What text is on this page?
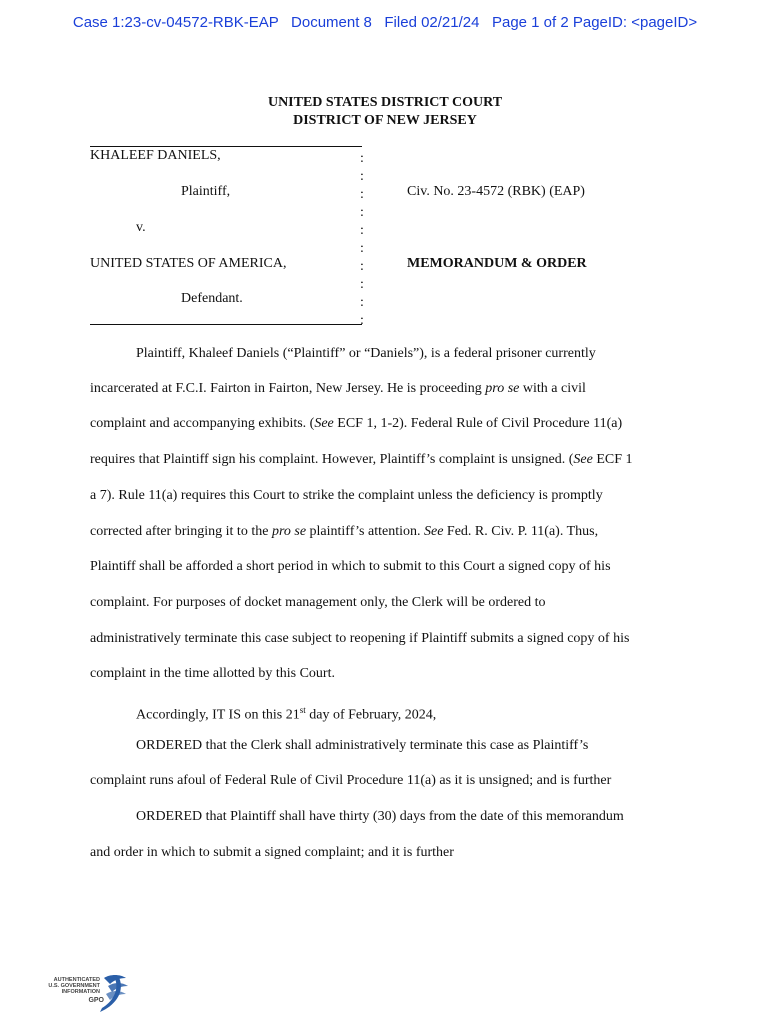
Case 1:23-cv-04572-RBK-EAP   Document 8   Filed 02/21/24   Page 1 of 2 PageID: <pageID>
UNITED STATES DISTRICT COURT
DISTRICT OF NEW JERSEY
KHALEEF DANIELS,
Plaintiff,
v.
UNITED STATES OF AMERICA,
Defendant.
:
:
:
:
:
:
:
:
:
:
Civ. No. 23-4572 (RBK) (EAP)
MEMORANDUM & ORDER
Plaintiff, Khaleef Daniels (“Plaintiff” or “Daniels”), is a federal prisoner currently
incarcerated at F.C.I. Fairton in Fairton, New Jersey. He is proceeding pro se with a civil
complaint and accompanying exhibits. (See ECF 1, 1-2). Federal Rule of Civil Procedure 11(a)
requires that Plaintiff sign his complaint. However, Plaintiff’s complaint is unsigned. (See ECF 1
a 7). Rule 11(a) requires this Court to strike the complaint unless the deficiency is promptly
corrected after bringing it to the pro se plaintiff’s attention. See Fed. R. Civ. P. 11(a). Thus,
Plaintiff shall be afforded a short period in which to submit to this Court a signed copy of his
complaint. For purposes of docket management only, the Clerk will be ordered to
administratively terminate this case subject to reopening if Plaintiff submits a signed copy of his
complaint in the time allotted by this Court.
Accordingly, IT IS on this 21st day of February, 2024,
ORDERED that the Clerk shall administratively terminate this case as Plaintiff’s
complaint runs afoul of Federal Rule of Civil Procedure 11(a) as it is unsigned; and is further
ORDERED that Plaintiff shall have thirty (30) days from the date of this memorandum
and order in which to submit a signed complaint; and it is further
AUTHENTICATED
U.S. GOVERNMENT
INFORMATION
GPO
